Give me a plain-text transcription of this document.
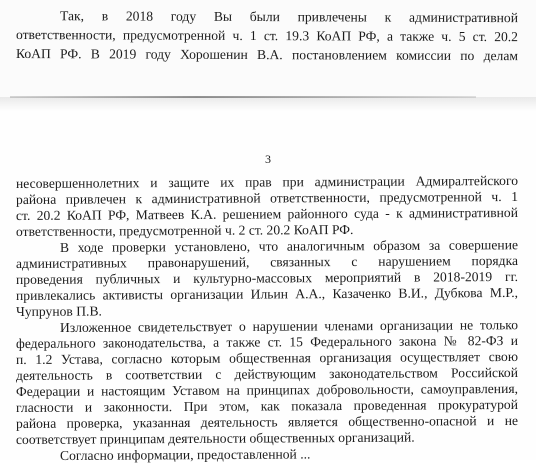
Так, в 2018 году Вы были привлечены к административной
ответственности, предусмотренной ч. 1 ст. 19.3 КоАП РФ, а также ч. 5 ст. 20.2
КоАП РФ. В 2019 году Хорошенин В.А. постановлением комиссии по делам
3
несовершеннолетних и защите их прав при администрации Адмиралтейского
района привлечен к административной ответственности, предусмотренной ч. 1
ст. 20.2 КоАП РФ, Матвеев К.А. решением районного суда - к административной
ответственности, предусмотренной ч. 2 ст. 20.2 КоАП РФ.
В ходе проверки установлено, что аналогичным образом за совершение
административных правонарушений, связанных с нарушением порядка
проведения публичных и культурно-массовых мероприятий в 2018-2019 гг.
привлекались активисты организации Ильин А.А., Казаченко В.И., Дубкова М.Р.,
Чупрунов П.В.
Изложенное свидетельствует о нарушении членами организации не только
федерального законодательства, а также ст. 15 Федерального закона № 82-ФЗ и
п. 1.2 Устава, согласно которым общественная организация осуществляет свою
деятельность в соответствии с действующим законодательством Российской
Федерации и настоящим Уставом на принципах добровольности, самоуправления,
гласности и законности. При этом, как показала проведенная прокуратурой
района проверка, указанная деятельность является общественно-опасной и не
соответствует принципам деятельности общественных организаций.
Согласно информации, предоставленной ...
